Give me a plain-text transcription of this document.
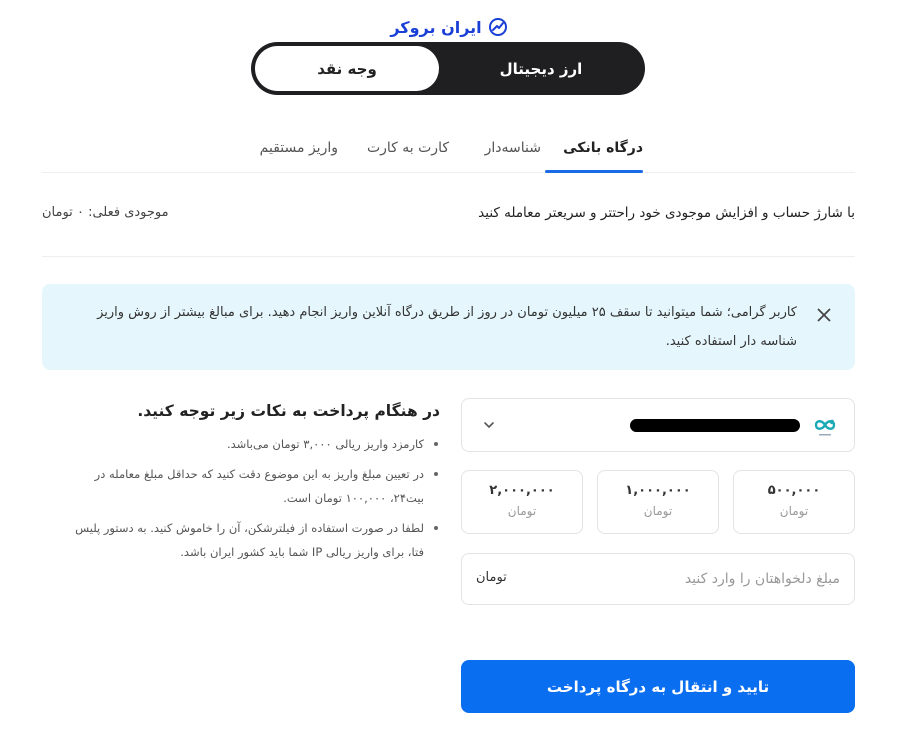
ایران بروکر
وجه نقد	ارز دیجیتال
درگاه بانکی
شناسه‌دار
کارت به کارت
واریز مستقیم
با شارژ حساب و افزایش موجودی خود راحتتر و سریعتر معامله کنید
موجودی فعلی: ۰ تومان
کاربر گرامی؛ شما میتوانید تا سقف ۲۵ میلیون تومان در روز از طریق درگاه آنلاین واریز انجام دهید. برای مبالغ بیشتر از روش واریز شناسه دار استفاده کنید.
در هنگام پرداخت به نکات زیر توجه کنید.
کارمزد واریز ریالی ۳,۰۰۰ تومان می‌باشد.
در تعیین مبلغ واریز به این موضوع دقت کنید که حداقل مبلغ معامله در بیت۲۴، ۱۰۰,۰۰۰ تومان است.
لطفا در صورت استفاده از فیلترشکن، آن را خاموش کنید. به دستور پلیس فتا، برای واریز ریالی IP شما باید کشور ایران باشد.
۵۰۰,۰۰۰
تومان
۱,۰۰۰,۰۰۰
تومان
۲,۰۰۰,۰۰۰
تومان
مبلغ دلخواهتان را وارد کنید
تومان
تایید و انتقال به درگاه پرداخت
